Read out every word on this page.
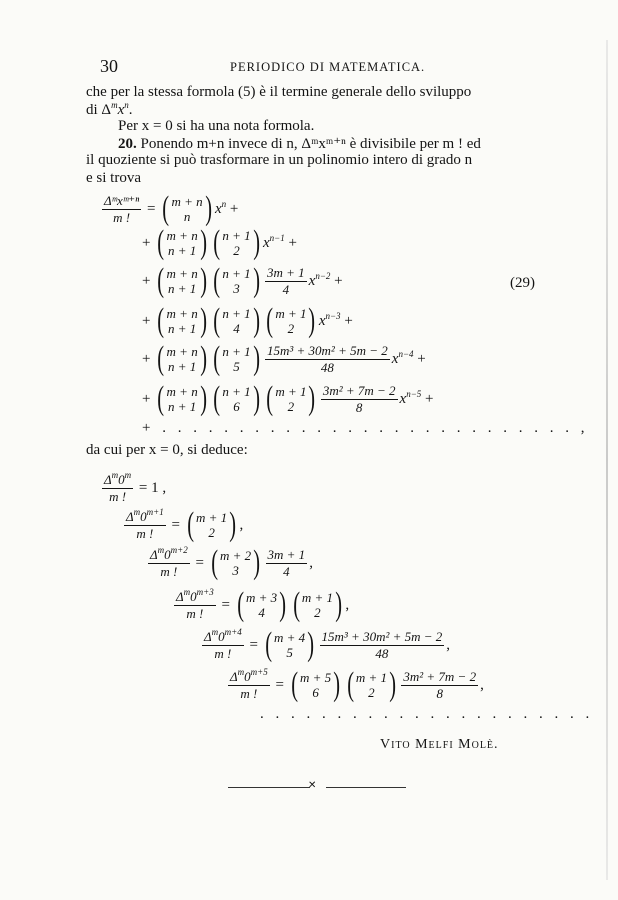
30	PERIODICO DI MATEMATICA.
che per la stessa formola (5) è il termine generale dello sviluppo
di $\Delta^mx^n$.
Per x = 0 si ha una nota formola.
20. Ponendo m+n invece di n, Δᵐxᵐ⁺ⁿ è divisibile per m ! ed
il quoziente si può trasformare in un polinomio intero di grado n
e si trova
$\frac{\text{Δᵐxᵐ⁺ⁿ}}{m !}$ = ( m + n
n ) $x^n$ +
+ ( m + n
n + 1 ) ( n + 1
2 ) $x^{n-1}$ +
+ ( m + n
n + 1 ) ( n + 1
3 ) $\frac{3m + 1}{4} x^{n-2}$ +
+ ( m + n
n + 1 ) ( n + 1
4 ) ( m + 1
2 ) $x^{n-3}$ +
+ ( m + n
n + 1 ) ( n + 1
5 ) $\frac{\text{15m³ + 30m² + 5m − 2}}{48} x^{n-4}$ +
+ ( m + n
n + 1 ) ( n + 1
6 ) ( m + 1
2 ) $\frac{\text{3m² + 7m − 2}}{8} x^{n-5}$ +
+ . . . . . . . . . . . . . . . . . . . . . . . . . . . ,
(29)
da cui per x = 0, si deduce:
$\frac{\Delta^m0^m}{m !} = 1$ ,
$\frac{\Delta^m0^{m+1}}{m !}$ = ( m + 1
2 ) ,
$\frac{\Delta^m0^{m+2}}{m !}$ = ( m + 2
3 ) $\frac{3m + 1}{4}$ ,
$\frac{\Delta^m0^{m+3}}{m !}$ = ( m + 3
4 ) ( m + 1
2 ) ,
$\frac{\Delta^m0^{m+4}}{m !}$ = ( m + 4
5 ) $\frac{\text{15m³ + 30m² + 5m − 2}}{48}$ ,
$\frac{\Delta^m0^{m+5}}{m !}$ = ( m + 5
6 ) ( m + 1
2 ) $\frac{\text{3m² + 7m − 2}}{8}$ ,
. . . . . . . . . . . . . . . . . . . . . .
Vito Melfi Molè.
✕
